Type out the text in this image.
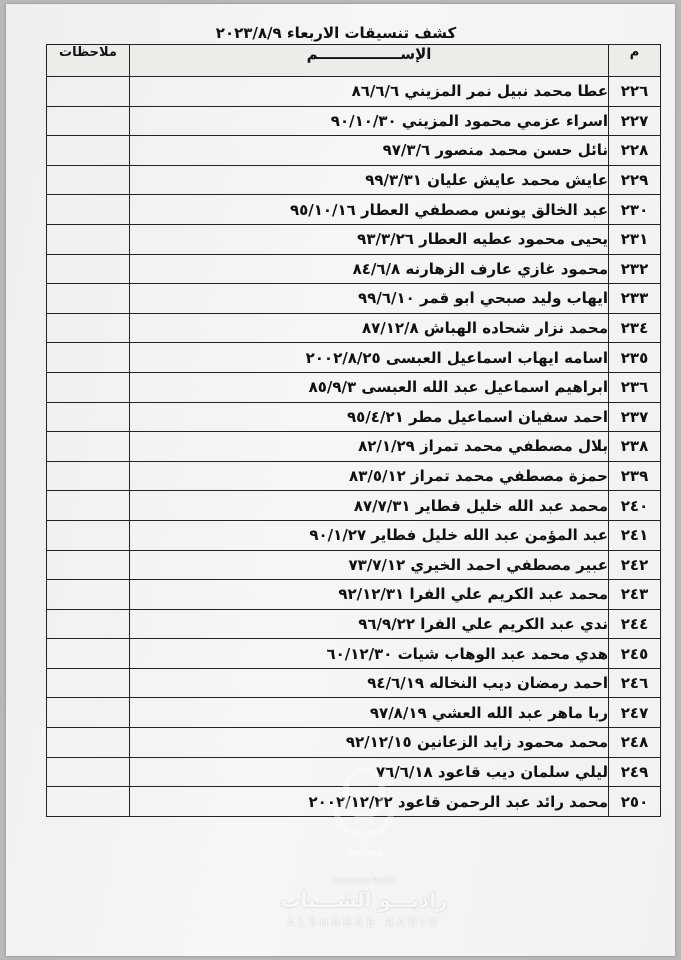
كشف تنسيقات الاربعاء ٢٠٢٣/٨/٩
م	الإســــــــــــــــم	ملاحظات
٢٢٦	عطا محمد نبيل نمر المزيني ٨٦/٦/٦	
٢٢٧	اسراء عزمي محمود المزيني ٩٠/١٠/٣٠	
٢٢٨	نائل حسن محمد منصور ٩٧/٣/٦	
٢٢٩	عايش محمد عايش عليان ٩٩/٣/٣١	
٢٣٠	عبد الخالق يونس مصطفي العطار ٩٥/١٠/١٦	
٢٣١	يحيى محمود عطيه العطار ٩٣/٣/٢٦	
٢٣٢	محمود غازي عارف الزهارنه ٨٤/٦/٨	
٢٣٣	ايهاب وليد صبحي ابو قمر ٩٩/٦/١٠	
٢٣٤	محمد نزار شحاده الهباش ٨٧/١٢/٨	
٢٣٥	اسامه ايهاب اسماعيل العبسى ٢٠٠٢/٨/٢٥	
٢٣٦	ابراهيم اسماعيل عبد الله العبسى ٨٥/٩/٣	
٢٣٧	احمد سفيان اسماعيل مطر ٩٥/٤/٢١	
٢٣٨	بلال مصطفي محمد تمراز ٨٢/١/٢٩	
٢٣٩	حمزة مصطفي محمد تمراز ٨٣/٥/١٢	
٢٤٠	محمد عبد الله خليل فطاير ٨٧/٧/٣١	
٢٤١	عبد المؤمن عبد الله خليل فطاير ٩٠/١/٢٧	
٢٤٢	عبير مصطفي احمد الخيري ٧٣/٧/١٢	
٢٤٣	محمد عبد الكريم علي الفرا ٩٢/١٢/٣١	
٢٤٤	ندي عبد الكريم علي الفرا ٩٦/٩/٢٢	
٢٤٥	هدي محمد عبد الوهاب شيات ٦٠/١٢/٣٠	
٢٤٦	احمد رمضان ديب النخاله ٩٤/٦/١٩	
٢٤٧	ربا ماهر عبد الله العشي ٩٧/٨/١٩	
٢٤٨	محمد محمود زايد الزعانين ٩٢/١٢/١٥	
٢٤٩	ليلي سلمان ديب قاعود ٧٦/٦/١٨	
٢٥٠	محمد رائد عبد الرحمن قاعود ٢٠٠٢/١٢/٢٢	
Alshabab Radio
راديـــو الشـــباب
ALSHABAB RADIO
